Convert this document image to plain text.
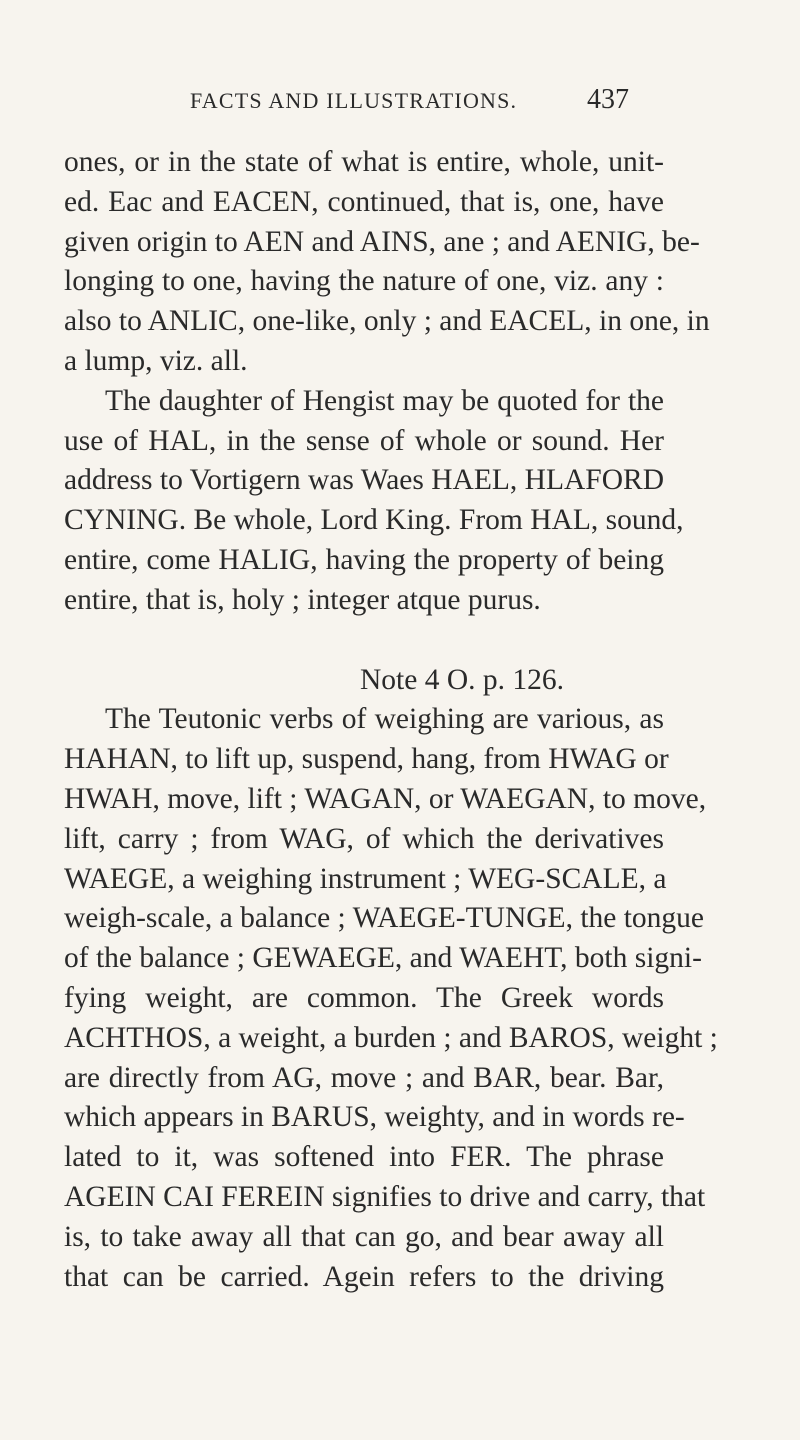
FACTS AND ILLUSTRATIONS. 437
ones, or in the state of what is entire, whole, unit-
ed. Eac and EACEN, continued, that is, one, have
given origin to AEN and AINS, ane ; and AENIG, be-
longing to one, having the nature of one, viz. any :
also to ANLIC, one-like, only ; and EACEL, in one, in
a lump, viz. all.
The daughter of Hengist may be quoted for the
use of HAL, in the sense of whole or sound. Her
address to Vortigern was Waes HAEL, HLAFORD
CYNING. Be whole, Lord King. From HAL, sound,
entire, come HALIG, having the property of being
entire, that is, holy ; integer atque purus.
Note 4 O. p. 126.
The Teutonic verbs of weighing are various, as
HAHAN, to lift up, suspend, hang, from HWAG or
HWAH, move, lift ; WAGAN, or WAEGAN, to move,
lift, carry ; from WAG, of which the derivatives
WAEGE, a weighing instrument ; WEG-SCALE, a
weigh-scale, a balance ; WAEGE-TUNGE, the tongue
of the balance ; GEWAEGE, and WAEHT, both signi-
fying weight, are common. The Greek words
ACHTHOS, a weight, a burden ; and BAROS, weight ;
are directly from AG, move ; and BAR, bear. Bar,
which appears in BARUS, weighty, and in words re-
lated to it, was softened into FER. The phrase
AGEIN CAI FEREIN signifies to drive and carry, that
is, to take away all that can go, and bear away all
that can be carried. Agein refers to the driving
